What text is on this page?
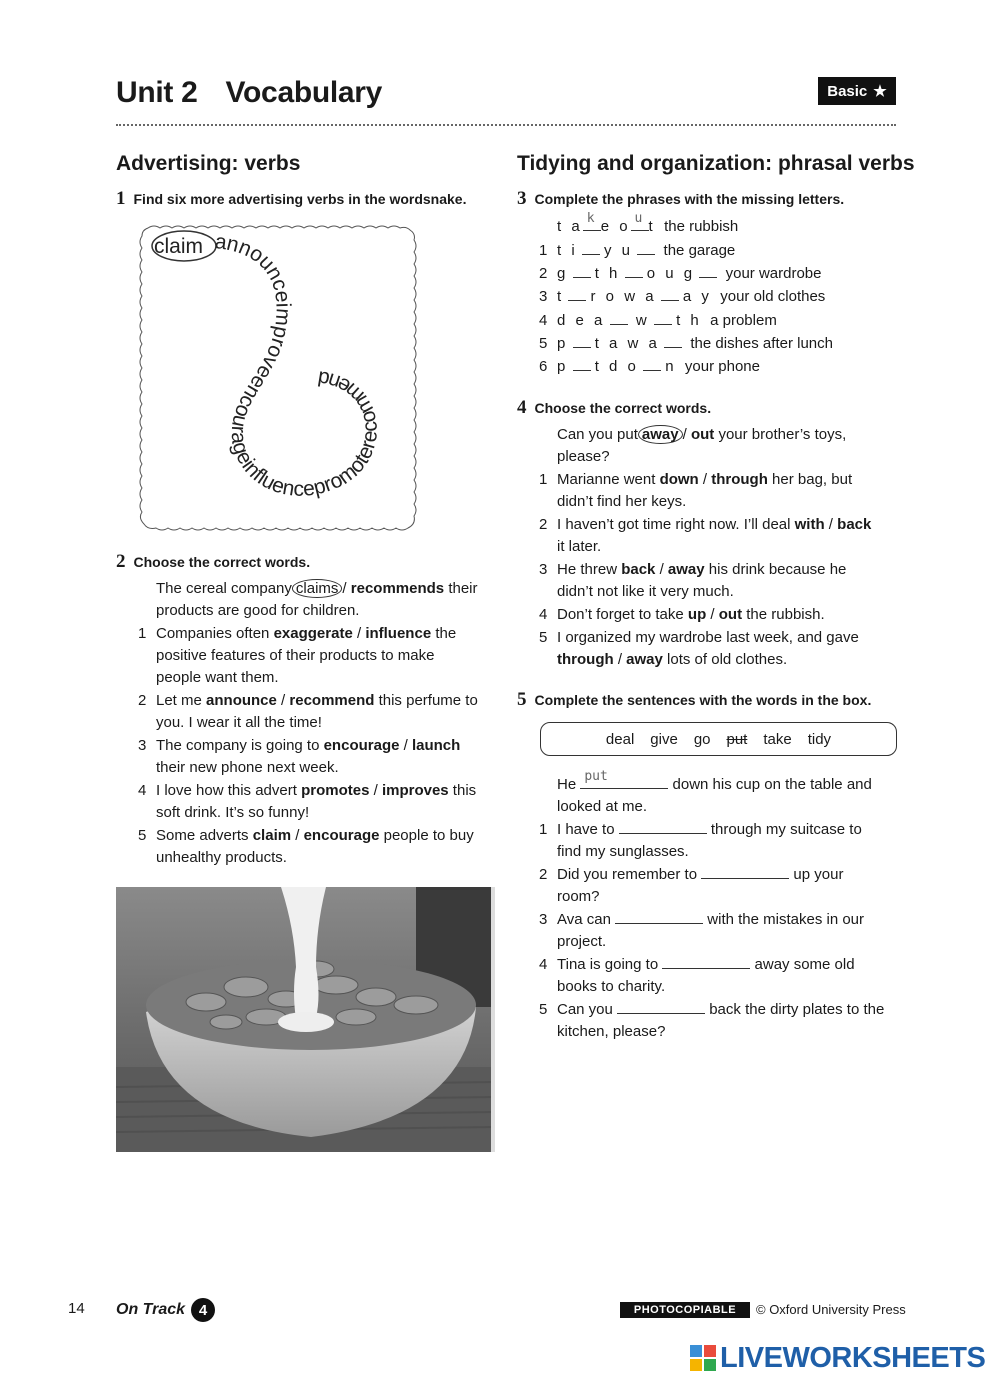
Unit 2 Vocabulary	Basic ★
Advertising: verbs
1 Find six more advertising verbs in the wordsnake.
claim announceimproveencourageinfluencepromoterecommend
2 Choose the correct words.
The cereal company claims / recommends their
products are good for children.
1 Companies often exaggerate / influence the
positive features of their products to make
people want them.
2 Let me announce / recommend this perfume to
you. I wear it all the time!
3 The company is going to encourage / launch
their new phone next week.
4 I love how this advert promotes / improves this
soft drink. It’s so funny!
5 Some adverts claim / encourage people to buy
unhealthy products.
Tidying and organization: phrasal verbs
3 Complete the phrases with the missing letters.
t a k e o u t the rubbish
1 t i y u the garage
2 g t h o u g your wardrobe
3 t r o w a a y your old clothes
4 d e a w t h a problem
5 p t a w a the dishes after lunch
6 p t d o n your phone
4 Choose the correct words.
Can you put away / out your brother’s toys,
please?
1 Marianne went down / through her bag, but
didn’t find her keys.
2 I haven’t got time right now. I’ll deal with / back
it later.
3 He threw back / away his drink because he
didn’t not like it very much.
4 Don’t forget to take up / out the rubbish.
5 I organized my wardrobe last week, and gave
through / away lots of old clothes.
5 Complete the sentences with the words in the box.
deal give go put take tidy
He put	down his cup on the table and
looked at me.
1 I have to	through my suitcase to
find my sunglasses.
2 Did you remember to	up your
room?
3 Ava can	with the mistakes in our
project.
4 Tina is going to	away some old
books to charity.
5 Can you	back the dirty plates to the
kitchen, please?
14 On Track 4	PHOTOCOPIABLE	© Oxford University Press
LIVEWORKSHEETS
